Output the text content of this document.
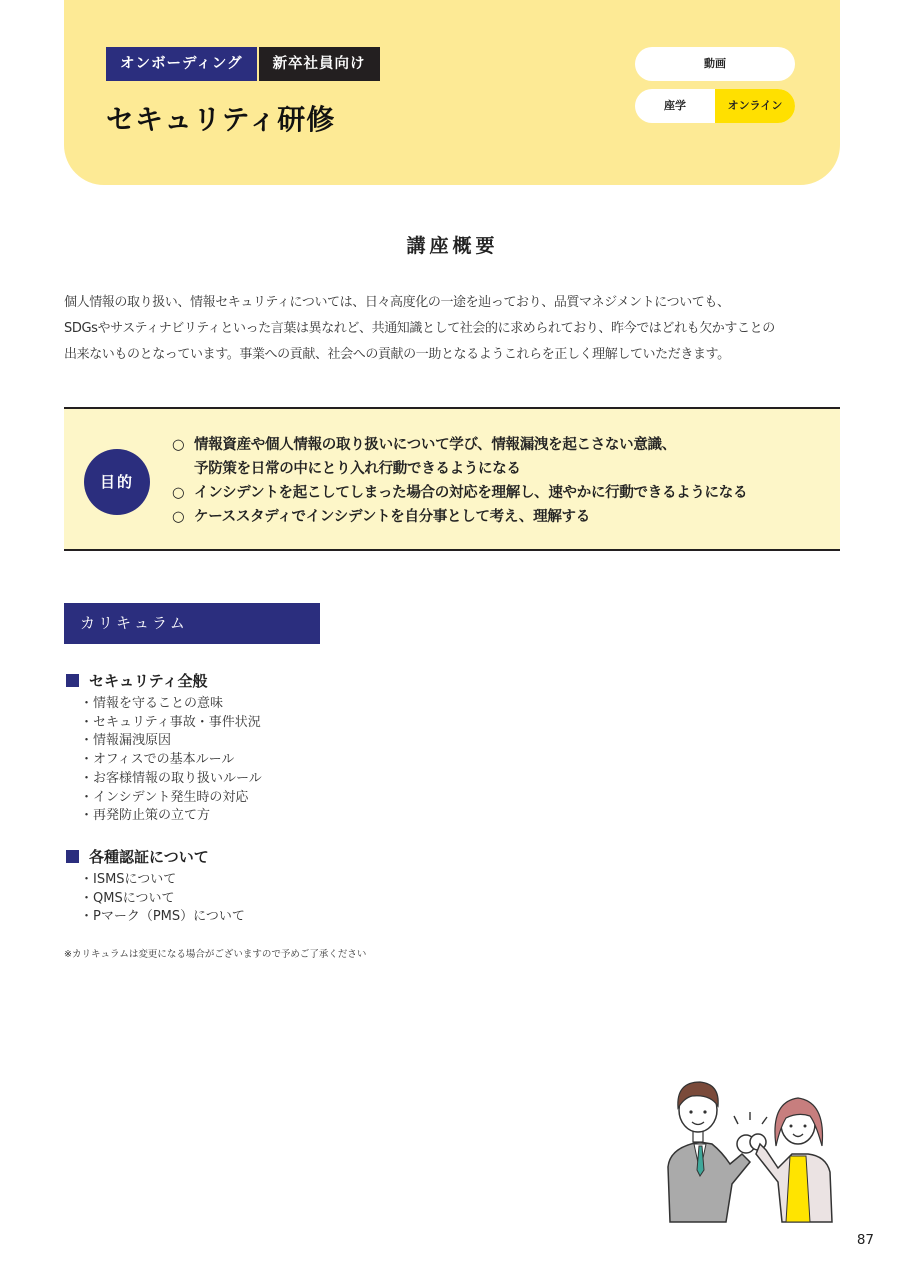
オンボーディング	新卒社員向け
セキュリティ研修
動画
座学	オンライン
講座概要

個人情報の取り扱い、情報セキュリティについては、日々高度化の一途を辿っており、品質マネジメントについても、
SDGsやサスティナビリティといった言葉は異なれど、共通知識として社会的に求められており、昨今ではどれも欠かすことの
出来ないものとなっています。事業への貢献、社会への貢献の一助となるようこれらを正しく理解していただきます。

目的
○ 情報資産や個人情報の取り扱いについて学び、情報漏洩を起こさない意識、
予防策を日常の中にとり入れ行動できるようになる
○ インシデントを起こしてしまった場合の対応を理解し、速やかに行動できるようになる
○ ケーススタディでインシデントを自分事として考え、理解する
カリキュラム
セキュリティ全般
・情報を守ることの意味
・セキュリティ事故・事件状況
・情報漏洩原因
・オフィスでの基本ルール
・お客様情報の取り扱いルール
・インシデント発生時の対応
・再発防止策の立て方
各種認証について
・ISMSについて
・QMSについて
・Pマーク（PMS）について

※カリキュラムは変更になる場合がございますので予めご了承ください

87
